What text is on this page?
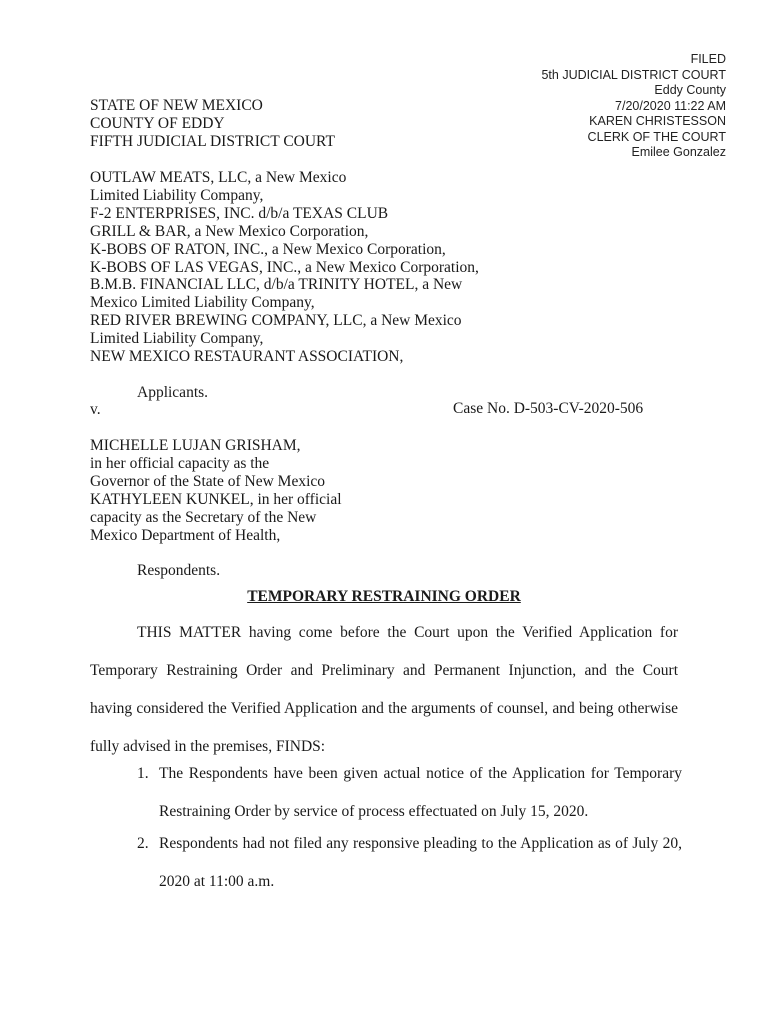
FILED
5th JUDICIAL DISTRICT COURT
Eddy County
7/20/2020 11:22 AM
KAREN CHRISTESSON
CLERK OF THE COURT
Emilee Gonzalez
STATE OF NEW MEXICO
COUNTY OF EDDY
FIFTH JUDICIAL DISTRICT COURT
OUTLAW MEATS, LLC, a New Mexico
Limited Liability Company,
F-2 ENTERPRISES, INC. d/b/a TEXAS CLUB
GRILL & BAR, a New Mexico Corporation,
K-BOBS OF RATON, INC., a New Mexico Corporation,
K-BOBS OF LAS VEGAS, INC., a New Mexico Corporation,
B.M.B. FINANCIAL LLC, d/b/a TRINITY HOTEL, a New
Mexico Limited Liability Company,
RED RIVER BREWING COMPANY, LLC, a New Mexico
Limited Liability Company,
NEW MEXICO RESTAURANT ASSOCIATION,
Applicants.
v.	Case No. D-503-CV-2020-506
MICHELLE LUJAN GRISHAM,
in her official capacity as the
Governor of the State of New Mexico
KATHYLEEN KUNKEL, in her official
capacity as the Secretary of the New
Mexico Department of Health,
Respondents.
TEMPORARY RESTRAINING ORDER
THIS MATTER having come before the Court upon the Verified Application for Temporary Restraining Order and Preliminary and Permanent Injunction, and the Court having considered the Verified Application and the arguments of counsel, and being otherwise fully advised in the premises, FINDS:
1. The Respondents have been given actual notice of the Application for Temporary Restraining Order by service of process effectuated on July 15, 2020.
2. Respondents had not filed any responsive pleading to the Application as of July 20, 2020 at 11:00 a.m.
